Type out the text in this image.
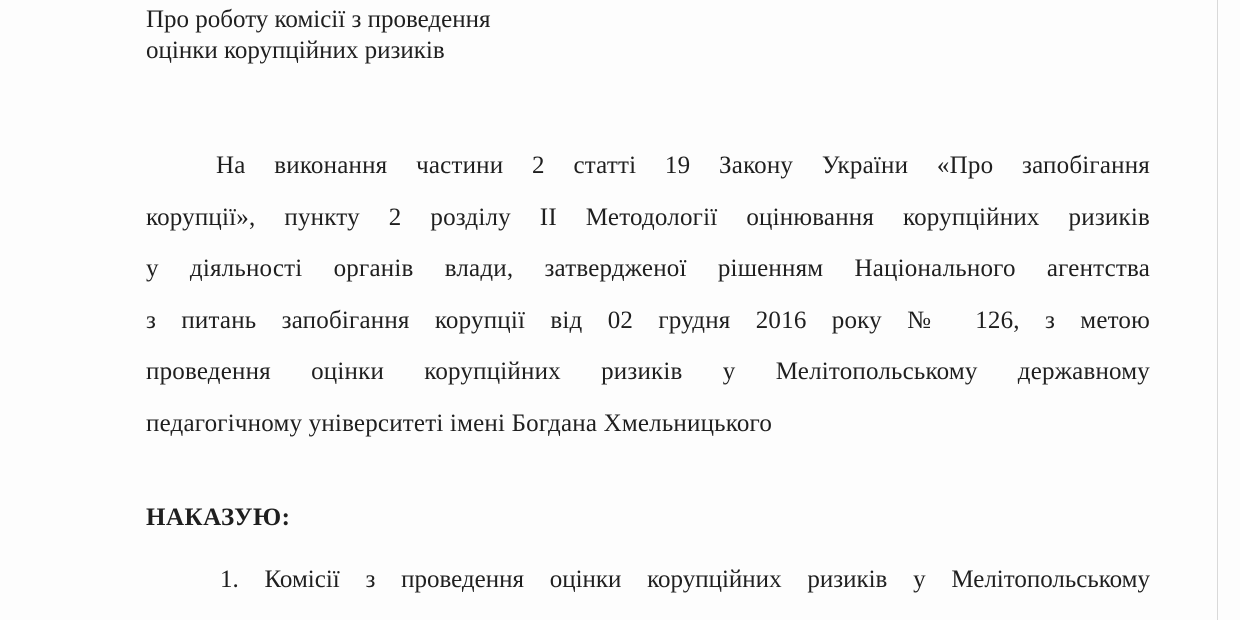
Про роботу комісії з проведення
оцінки корупційних ризиків
На виконання частини 2 статті 19 Закону України «Про запобігання
корупції», пункту 2 розділу ІІ Методології оцінювання корупційних ризиків
у діяльності органів влади, затвердженої рішенням Національного агентства
з питань запобігання корупції від 02 грудня 2016 року № 126, з метою
проведення оцінки корупційних ризиків у Мелітопольському державному
педагогічному університеті імені Богдана Хмельницького
НАКАЗУЮ:
1. Комісії з проведення оцінки корупційних ризиків у Мелітопольському
